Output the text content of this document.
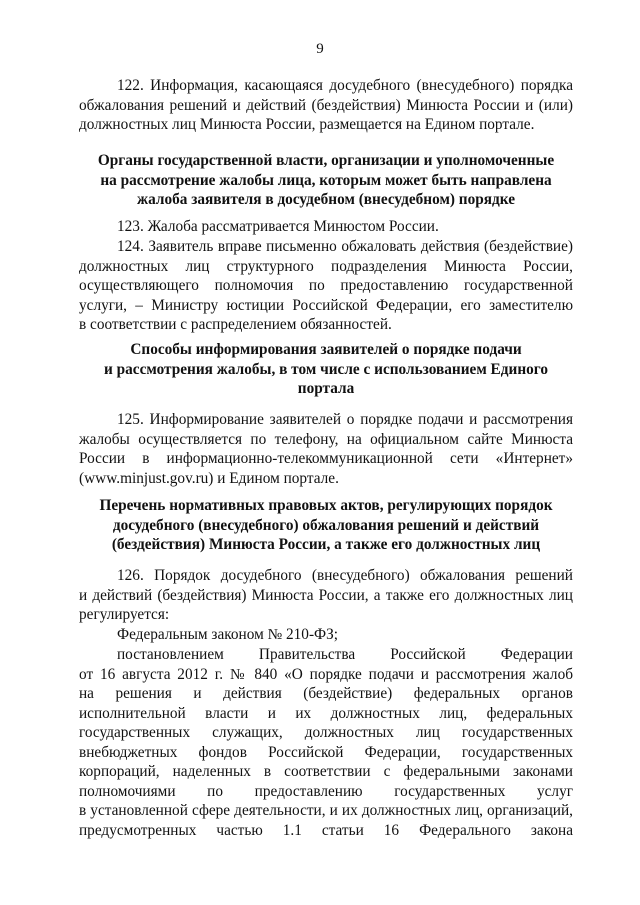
9
122. Информация, касающаяся досудебного (внесудебного) порядка
обжалования решений и действий (бездействия) Минюста России и (или)
должностных лиц Минюста России, размещается на Едином портале.
Органы государственной власти, организации и уполномоченные
на рассмотрение жалобы лица, которым может быть направлена
жалоба заявителя в досудебном (внесудебном) порядке
123. Жалоба рассматривается Минюстом России.
124. Заявитель вправе письменно обжаловать действия (бездействие)
должностных лиц структурного подразделения Минюста России,
осуществляющего полномочия по предоставлению государственной
услуги, – Министру юстиции Российской Федерации, его заместителю
в соответствии с распределением обязанностей.
Способы информирования заявителей о порядке подачи
и рассмотрения жалобы, в том числе с использованием Единого
портала
125. Информирование заявителей о порядке подачи и рассмотрения
жалобы осуществляется по телефону, на официальном сайте Минюста
России в информационно-телекоммуникационной сети «Интернет»
(www.minjust.gov.ru) и Едином портале.
Перечень нормативных правовых актов, регулирующих порядок
досудебного (внесудебного) обжалования решений и действий
(бездействия) Минюста России, а также его должностных лиц
126. Порядок досудебного (внесудебного) обжалования решений
и действий (бездействия) Минюста России, а также его должностных лиц
регулируется:
Федеральным законом № 210-ФЗ;
постановлением Правительства Российской Федерации
от 16 августа 2012 г. № 840 «О порядке подачи и рассмотрения жалоб
на решения и действия (бездействие) федеральных органов
исполнительной власти и их должностных лиц, федеральных
государственных служащих, должностных лиц государственных
внебюджетных фондов Российской Федерации, государственных
корпораций, наделенных в соответствии с федеральными законами
полномочиями по предоставлению государственных услуг
в установленной сфере деятельности, и их должностных лиц, организаций,
предусмотренных частью 1.1 статьи 16 Федерального закона
